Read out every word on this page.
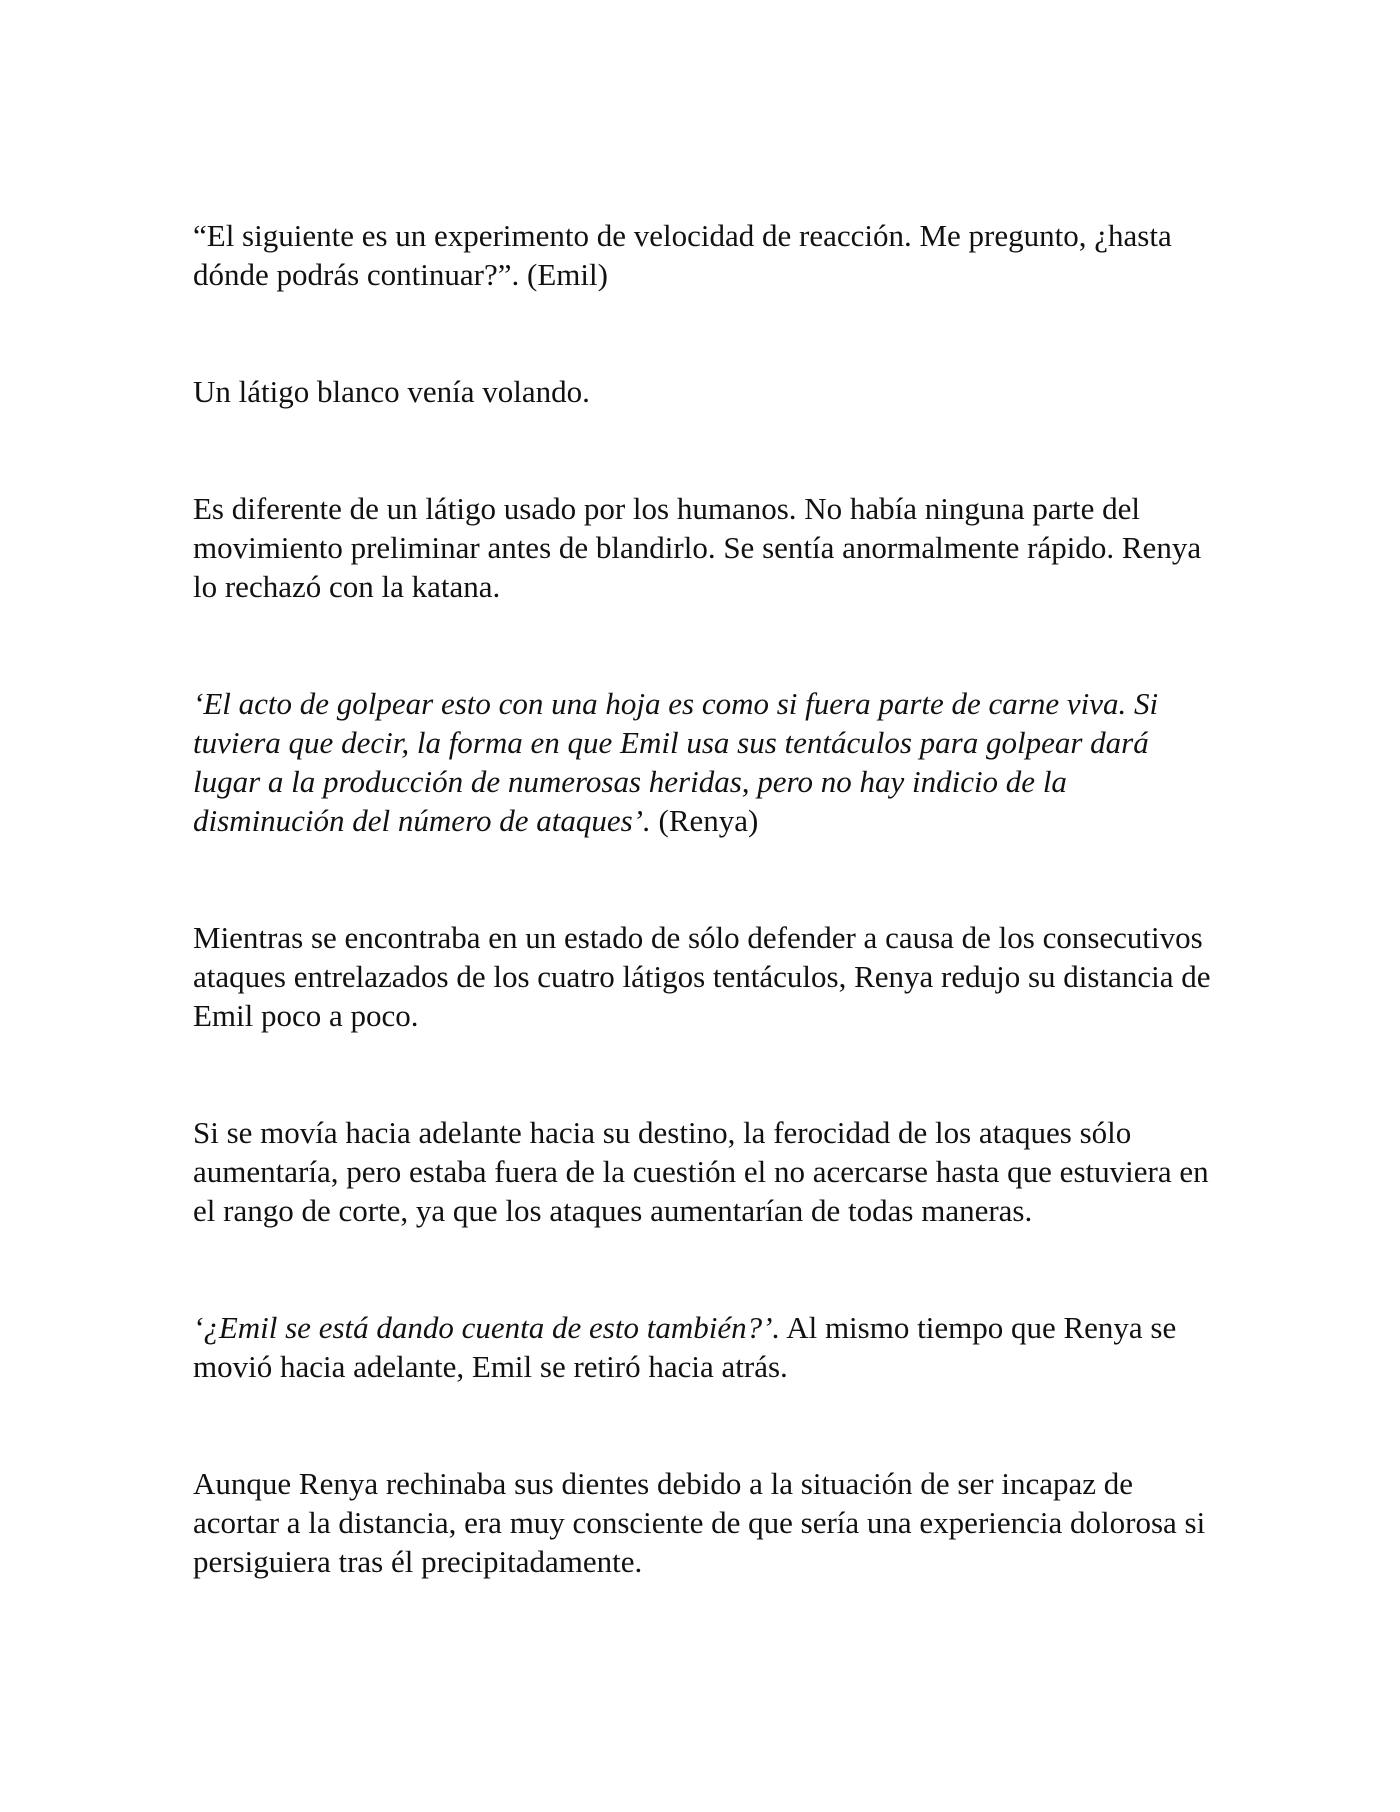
“El siguiente es un experimento de velocidad de reacción. Me pregunto, ¿hasta dónde podrás continuar?”. (Emil)

Un látigo blanco venía volando.

Es diferente de un látigo usado por los humanos. No había ninguna parte del movimiento preliminar antes de blandirlo. Se sentía anormalmente rápido. Renya lo rechazó con la katana.

‘El acto de golpear esto con una hoja es como si fuera parte de carne viva. Si tuviera que decir, la forma en que Emil usa sus tentáculos para golpear dará lugar a la producción de numerosas heridas, pero no hay indicio de la disminución del número de ataques’. (Renya)

Mientras se encontraba en un estado de sólo defender a causa de los consecutivos ataques entrelazados de los cuatro látigos tentáculos, Renya redujo su distancia de Emil poco a poco.

Si se movía hacia adelante hacia su destino, la ferocidad de los ataques sólo aumentaría, pero estaba fuera de la cuestión el no acercarse hasta que estuviera en el rango de corte, ya que los ataques aumentarían de todas maneras.

‘¿Emil se está dando cuenta de esto también?’. Al mismo tiempo que Renya se movió hacia adelante, Emil se retiró hacia atrás.

Aunque Renya rechinaba sus dientes debido a la situación de ser incapaz de acortar a la distancia, era muy consciente de que sería una experiencia dolorosa si persiguiera tras él precipitadamente.
